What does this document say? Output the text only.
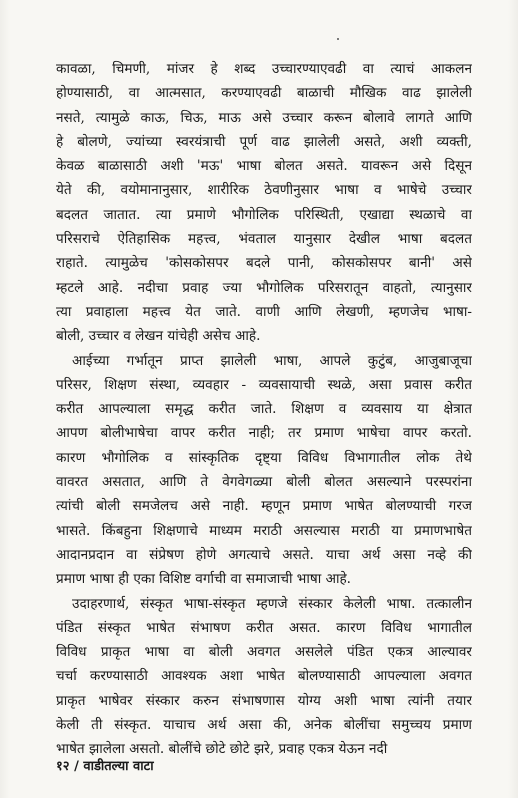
कावळा, चिमणी, मांजर हे शब्द उच्चारण्याएवढी वा त्याचं आकलन
होण्यासाठी, वा आत्मसात, करण्याएवढी बाळाची मौखिक वाढ झालेली
नसते, त्यामुळे काऊ, चिऊ, माऊ असे उच्चार करून बोलावे लागते आणि
हे बोलणे, ज्यांच्या स्वरयंत्राची पूर्ण वाढ झालेली असते, अशी व्यक्ती,
केवळ बाळासाठी अशी 'मऊ' भाषा बोलत असते. यावरून असे दिसून
येते की, वयोमानानुसार, शारीरिक ठेवणीनुसार भाषा व भाषेचे उच्चार
बदलत जातात. त्या प्रमाणे भौगोलिक परिस्थिती, एखाद्या स्थळाचे वा
परिसराचे ऐतिहासिक महत्त्व, भंवताल यानुसार देखील भाषा बदलत
राहाते. त्यामुळेच 'कोसकोसपर बदले पानी, कोसकोसपर बानी' असे
म्हटले आहे. नदीचा प्रवाह ज्या भौगोलिक परिसरातून वाहतो, त्यानुसार
त्या प्रवाहाला महत्त्व येत जाते. वाणी आणि लेखणी, म्हणजेच भाषा-
बोली, उच्चार व लेखन यांचेही असेच आहे.
आईच्या गर्भातून प्राप्त झालेली भाषा, आपले कुटुंब, आजुबाजूचा
परिसर, शिक्षण संस्था, व्यवहार - व्यवसायाची स्थळे, असा प्रवास करीत
करीत आपल्याला समृद्ध करीत जाते. शिक्षण व व्यवसाय या क्षेत्रात
आपण बोलीभाषेचा वापर करीत नाही; तर प्रमाण भाषेचा वापर करतो.
कारण भौगोलिक व सांस्कृतिक दृष्ट्या विविध विभागातील लोक तेथे
वावरत असतात, आणि ते वेगवेगळ्या बोली बोलत असल्याने परस्परांना
त्यांची बोली समजेलच असे नाही. म्हणून प्रमाण भाषेत बोलण्याची गरज
भासते. किंबहुना शिक्षणाचे माध्यम मराठी असल्यास मराठी या प्रमाणभाषेत
आदानप्रदान वा संप्रेषण होणे अगत्याचे असते. याचा अर्थ असा नव्हे की
प्रमाण भाषा ही एका विशिष्ट वर्गाची वा समाजाची भाषा आहे.
उदाहरणार्थ, संस्कृत भाषा-संस्कृत म्हणजे संस्कार केलेली भाषा. तत्कालीन
पंडित संस्कृत भाषेत संभाषण करीत असत. कारण विविध भागातील
विविध प्राकृत भाषा वा बोली अवगत असलेले पंडित एकत्र आल्यावर
चर्चा करण्यासाठी आवश्यक अशा भाषेत बोलण्यासाठी आपल्याला अवगत
प्राकृत भाषेवर संस्कार करुन संभाषणास योग्य अशी भाषा त्यांनी तयार
केली ती संस्कृत. याचाच अर्थ असा की, अनेक बोलींचा समुच्चय प्रमाण
भाषेत झालेला असतो. बोलींचे छोटे छोटे झरे, प्रवाह एकत्र येऊन नदी
१२ / वाडीतल्या वाटा
